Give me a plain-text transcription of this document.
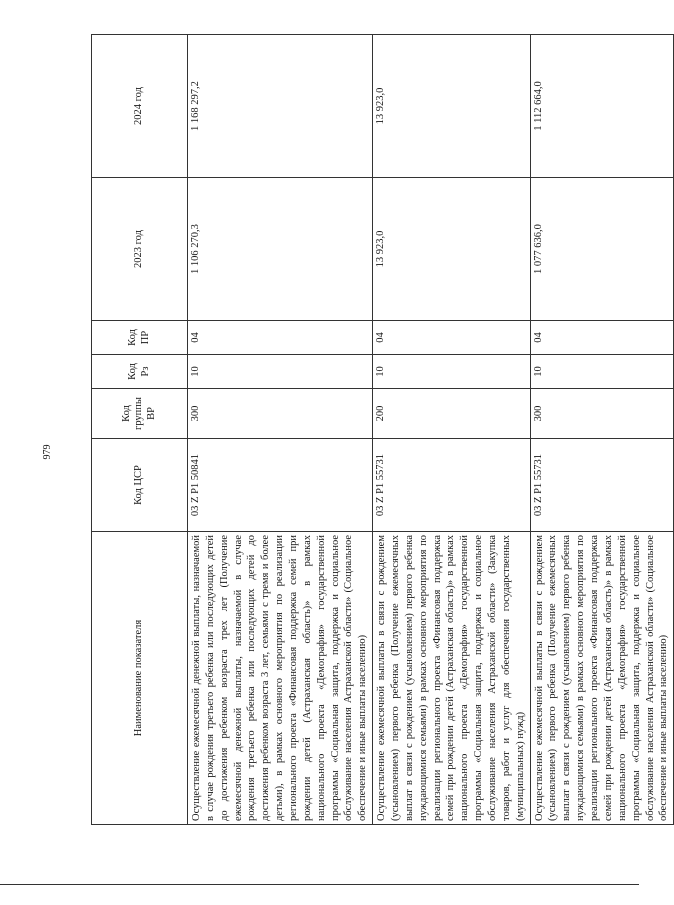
979
Наименование показателя	Код ЦСР	Код группы ВР	Код Рз	Код ПР	2023 год	2024 год
Осуществление ежемесячной денежной выплаты, назначаемой в случае рождения третьего ребенка или последующих детей до достижения ребенком возраста трех лет (Получение ежемесячной денежной выплаты, назначаемой в случае рождения третьего ребенка или последующих детей до достижения ребенком возраста 3 лет, семьями с тремя и более детьми), в рамках основного мероприятия по реализации регионального проекта «Финансовая поддержка семей при рождении детей (Астраханская область)» в рамках национального проекта «Демография» государственной программы «Социальная защита, поддержка и социальное обслуживание населения Астраханской области» (Социальное обеспечение и иные выплаты населению)	03 Z P1 50841	300	10	04	1 106 270,3	1 168 297,2
Осуществление ежемесячной выплаты в связи с рождением (усыновлением) первого ребенка (Получение ежемесячных выплат в связи с рождением (усыновлением) первого ребенка нуждающимися семьями) в рамках основного мероприятия по реализации регионального проекта «Финансовая поддержка семей при рождении детей (Астраханская область)» в рамках национального проекта «Демография» государственной программы «Социальная защита, поддержка и социальное обслуживание населения Астраханской области» (Закупка товаров, работ и услуг для обеспечения государственных (муниципальных) нужд)	03 Z P1 55731	200	10	04	13 923,0	13 923,0
Осуществление ежемесячной выплаты в связи с рождением (усыновлением) первого ребенка (Получение ежемесячных выплат в связи с рождением (усыновлением) первого ребенка нуждающимися семьями) в рамках основного мероприятия по реализации регионального проекта «Финансовая поддержка семей при рождении детей (Астраханская область)» в рамках национального проекта «Демография» государственной программы «Социальная защита, поддержка и социальное обслуживание населения Астраханской области» (Социальное обеспечение и иные выплаты населению)	03 Z P1 55731	300	10	04	1 077 636,0	1 112 664,0
